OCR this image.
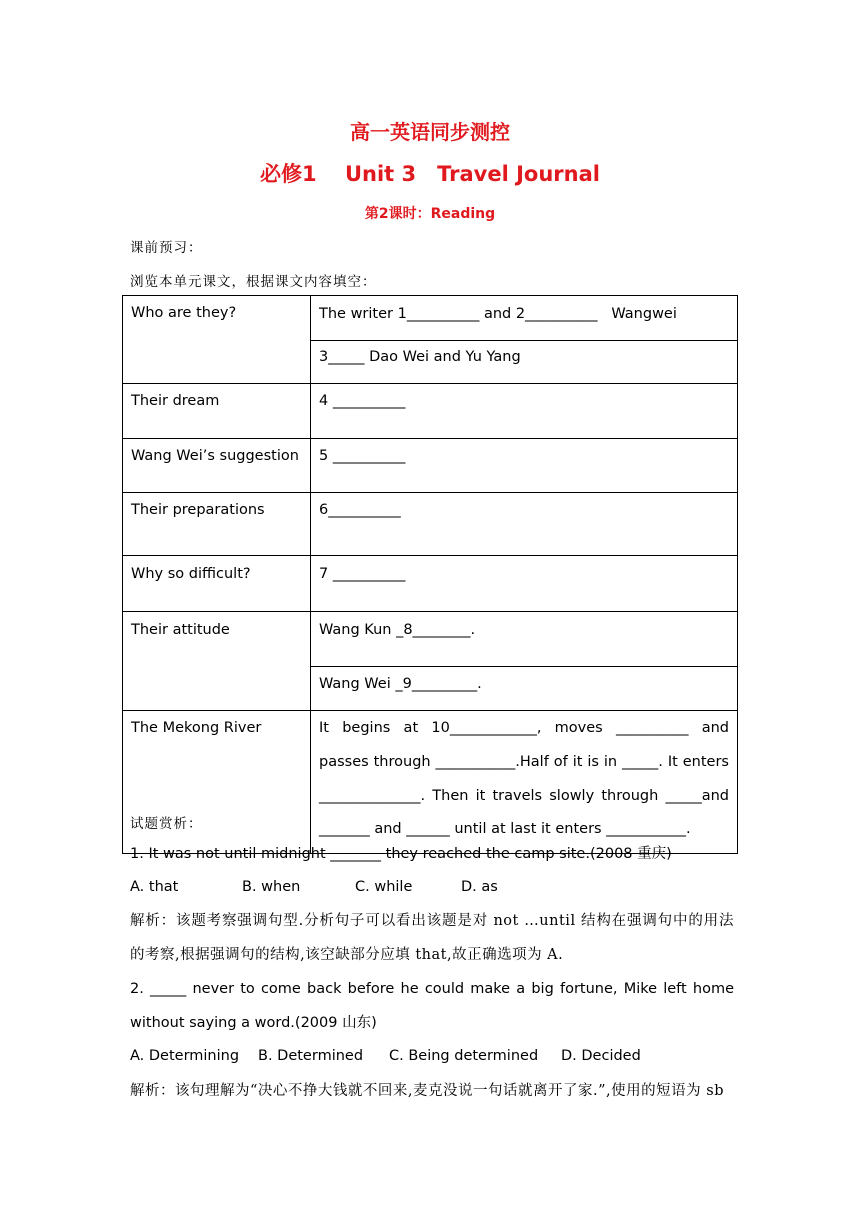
高一英语同步测控
必修1　 Unit 3　Travel Journal
第2课时：Reading
课前预习：
浏览本单元课文，根据课文内容填空：
Who are they?	The writer 1__________ and 2__________   Wangwei
	3_____ Dao Wei and Yu Yang
Their dream	4 __________
Wang Wei’s suggestion	5 __________
Their preparations	6__________
Why so difficult?	7 __________
Their attitude	Wang Kun _8________.
	Wang Wei _9_________.
The Mekong River	It begins at 10____________, moves __________ and passes through ___________.Half of it is in _____. It enters ______________. Then it travels slowly through _____and _______ and ______ until at last it enters ___________.
试题赏析：
1. It was not until midnight _______ they reached the camp site.(2008 重庆)
A. that	B. when	C. while	D. as
解析：该题考察强调句型.分析句子可以看出该题是对 not …until 结构在强调句中的用法的考察,根据强调句的结构,该空缺部分应填 that,故正确选项为 A.
2. _____ never to come back before he could make a big fortune, Mike left home without saying a word.(2009 山东)
A. Determining B. Determined C. Being determined D. Decided
解析：该句理解为“决心不挣大钱就不回来,麦克没说一句话就离开了家.”,使用的短语为 sb
